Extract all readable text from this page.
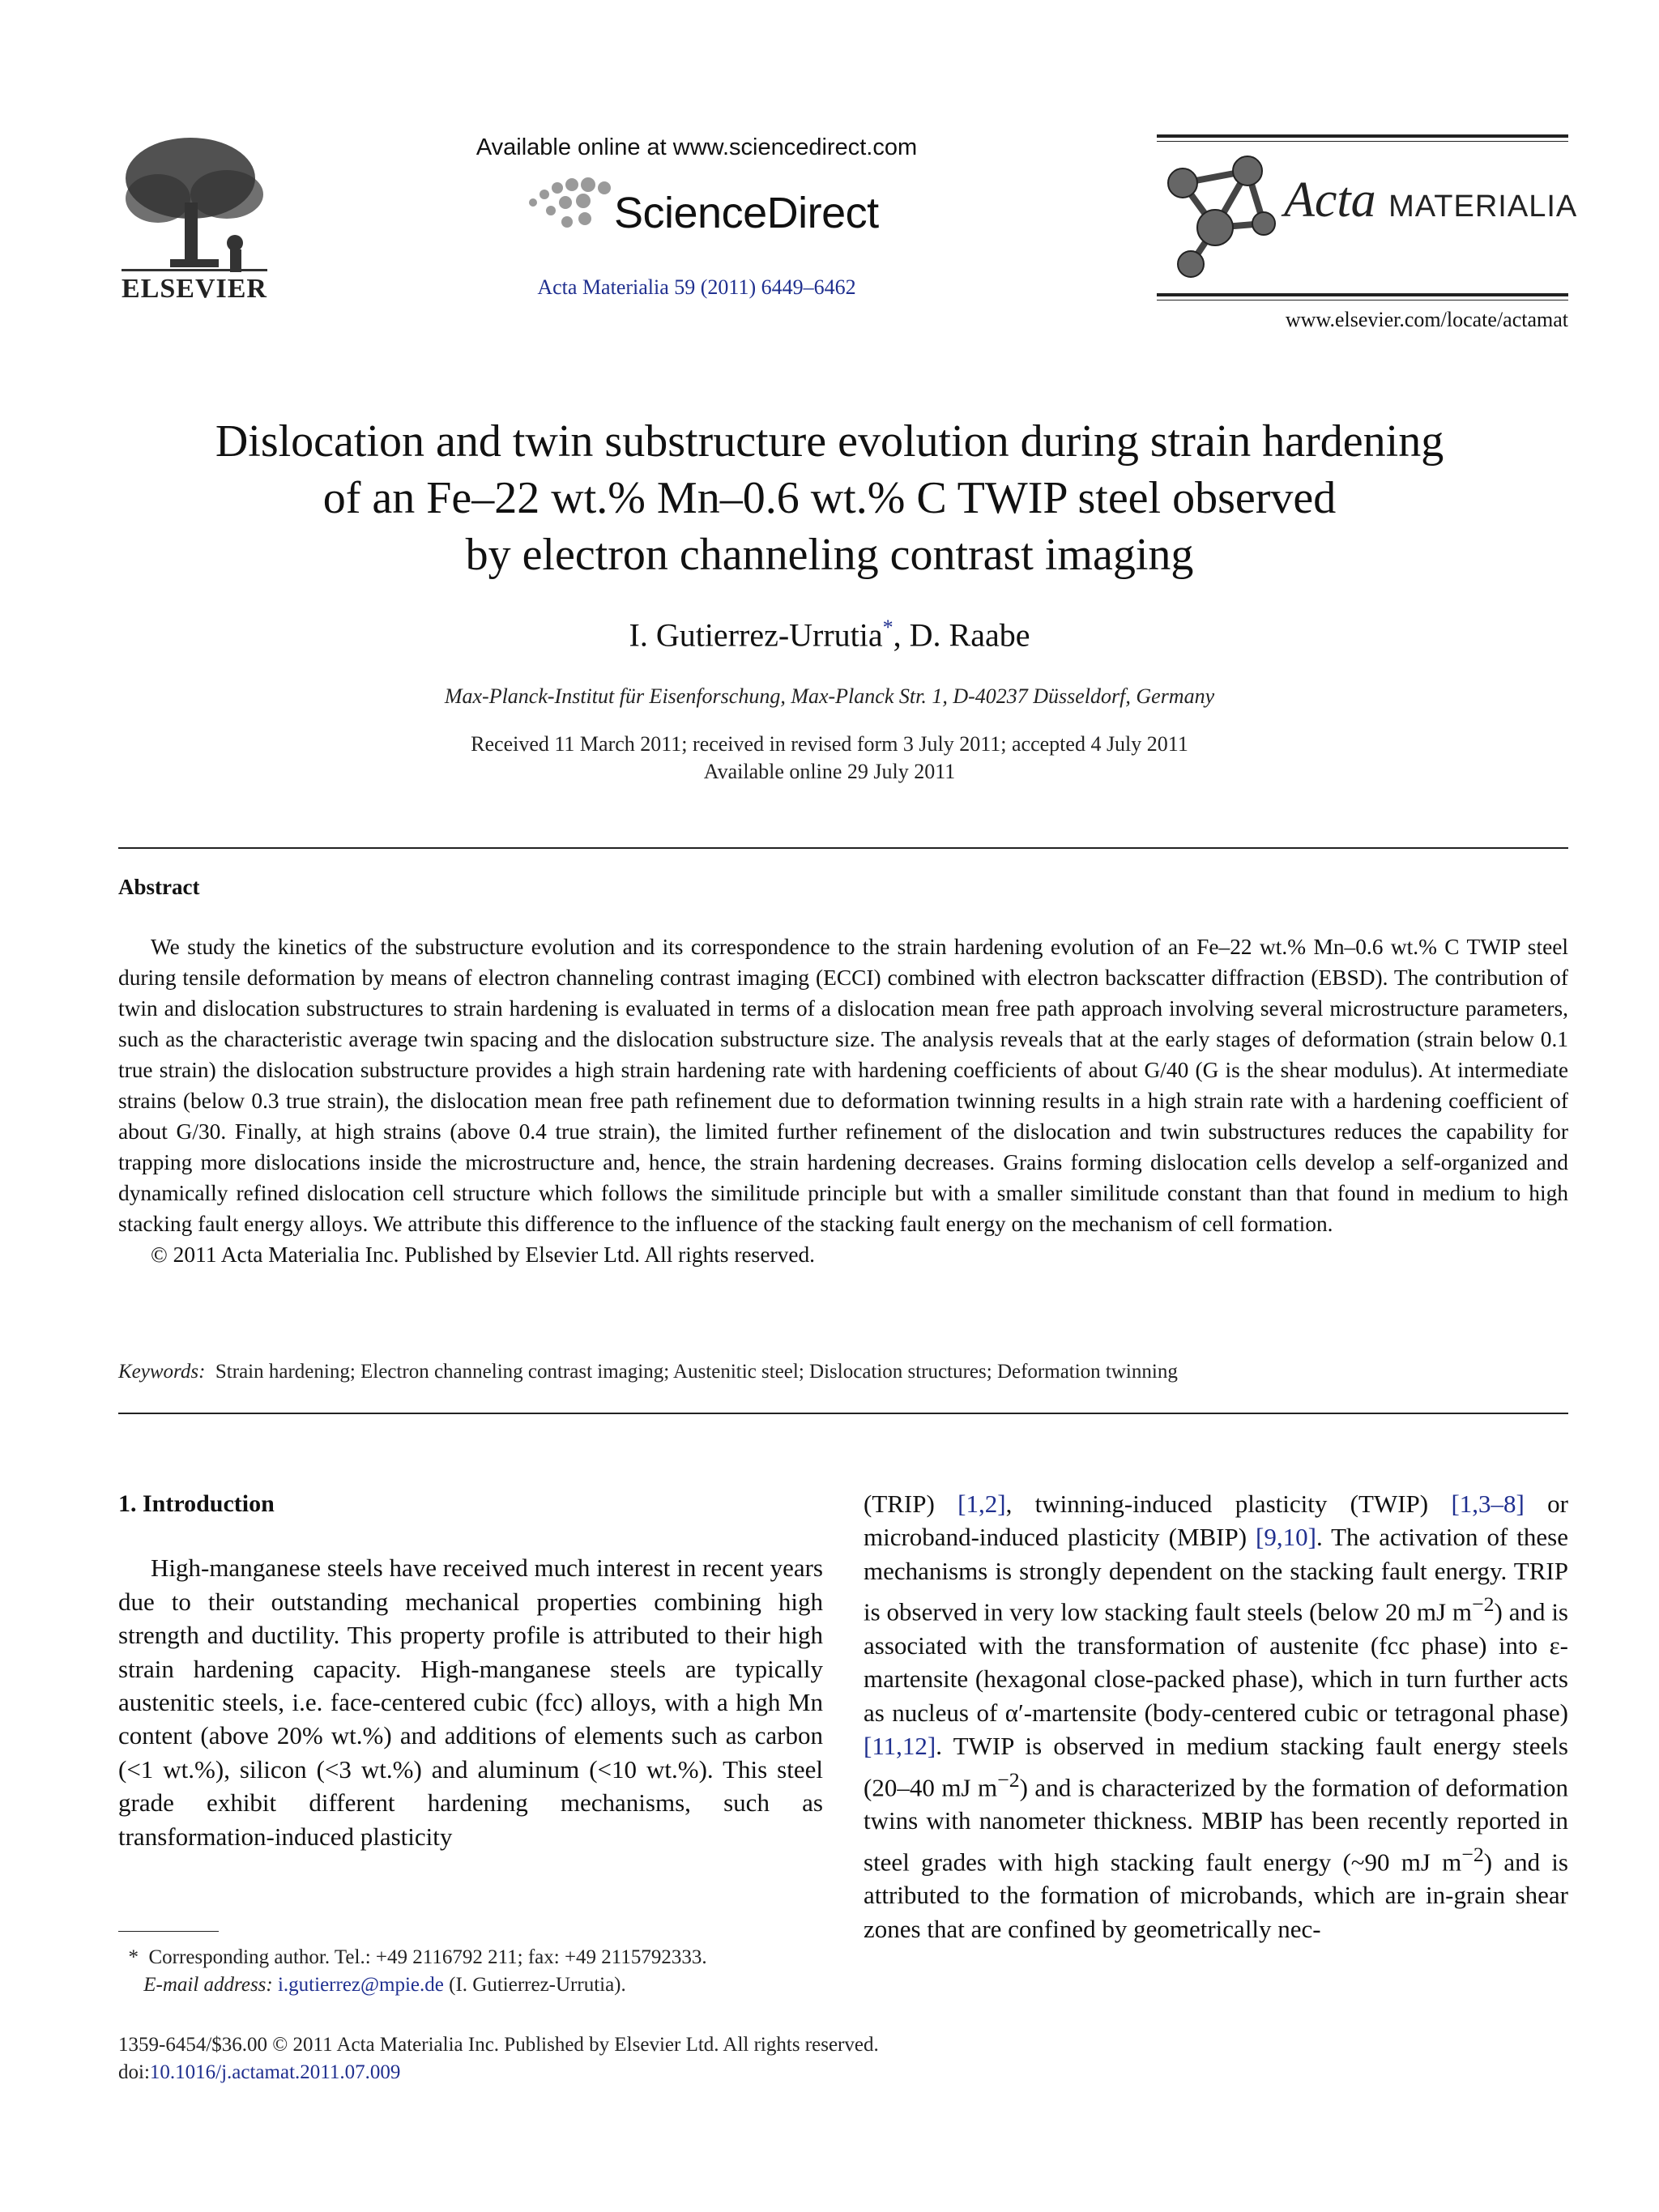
ELSEVIER
Available online at www.sciencedirect.com
ScienceDirect
Acta Materialia 59 (2011) 6449–6462
Acta MATERIALIA
www.elsevier.com/locate/actamat
Dislocation and twin substructure evolution during strain hardening
of an Fe–22 wt.% Mn–0.6 wt.% C TWIP steel observed
by electron channeling contrast imaging
I. Gutierrez-Urrutia*, D. Raabe
Max-Planck-Institut für Eisenforschung, Max-Planck Str. 1, D-40237 Düsseldorf, Germany
Received 11 March 2011; received in revised form 3 July 2011; accepted 4 July 2011
Available online 29 July 2011
Abstract

We study the kinetics of the substructure evolution and its correspondence to the strain hardening evolution of an Fe–22 wt.% Mn–0.6 wt.% C TWIP steel during tensile deformation by means of electron channeling contrast imaging (ECCI) combined with electron backscatter diffraction (EBSD). The contribution of twin and dislocation substructures to strain hardening is evaluated in terms of a dislocation mean free path approach involving several microstructure parameters, such as the characteristic average twin spacing and the dislocation substructure size. The analysis reveals that at the early stages of deformation (strain below 0.1 true strain) the dislocation substructure provides a high strain hardening rate with hardening coefficients of about G/40 (G is the shear modulus). At intermediate strains (below 0.3 true strain), the dislocation mean free path refinement due to deformation twinning results in a high strain rate with a hardening coefficient of about G/30. Finally, at high strains (above 0.4 true strain), the limited further refinement of the dislocation and twin substructures reduces the capability for trapping more dislocations inside the microstructure and, hence, the strain hardening decreases. Grains forming dislocation cells develop a self-organized and dynamically refined dislocation cell structure which follows the similitude principle but with a smaller similitude constant than that found in medium to high stacking fault energy alloys. We attribute this difference to the influence of the stacking fault energy on the mechanism of cell formation.

© 2011 Acta Materialia Inc. Published by Elsevier Ltd. All rights reserved.

Keywords: Strain hardening; Electron channeling contrast imaging; Austenitic steel; Dislocation structures; Deformation twinning
1. Introduction

High-manganese steels have received much interest in recent years due to their outstanding mechanical properties combining high strength and ductility. This property profile is attributed to their high strain hardening capacity. High-manganese steels are typically austenitic steels, i.e. face-centered cubic (fcc) alloys, with a high Mn content (above 20% wt.%) and additions of elements such as carbon (<1 wt.%), silicon (<3 wt.%) and aluminum (<10 wt.%). This steel grade exhibit different hardening mechanisms, such as transformation-induced plasticity

(TRIP) [1,2], twinning-induced plasticity (TWIP) [1,3–8] or microband-induced plasticity (MBIP) [9,10]. The activation of these mechanisms is strongly dependent on the stacking fault energy. TRIP is observed in very low stacking fault steels (below 20 mJ $m^{-2}$) and is associated with the transformation of austenite (fcc phase) into ε-martensite (hexagonal close-packed phase), which in turn further acts as nucleus of α′-martensite (body-centered cubic or tetragonal phase) [11,12]. TWIP is observed in medium stacking fault energy steels (20–40 mJ $m^{-2}$) and is characterized by the formation of deformation twins with nanometer thickness. MBIP has been recently reported in steel grades with high stacking fault energy (~90 mJ $m^{-2}$) and is attributed to the formation of microbands, which are in-grain shear zones that are confined by geometrically nec-

* Corresponding author. Tel.: +49 2116792 211; fax: +49 2115792333.
E-mail address: i.gutierrez@mpie.de (I. Gutierrez-Urrutia).
1359-6454/$36.00 © 2011 Acta Materialia Inc. Published by Elsevier Ltd. All rights reserved.
doi:10.1016/j.actamat.2011.07.009
